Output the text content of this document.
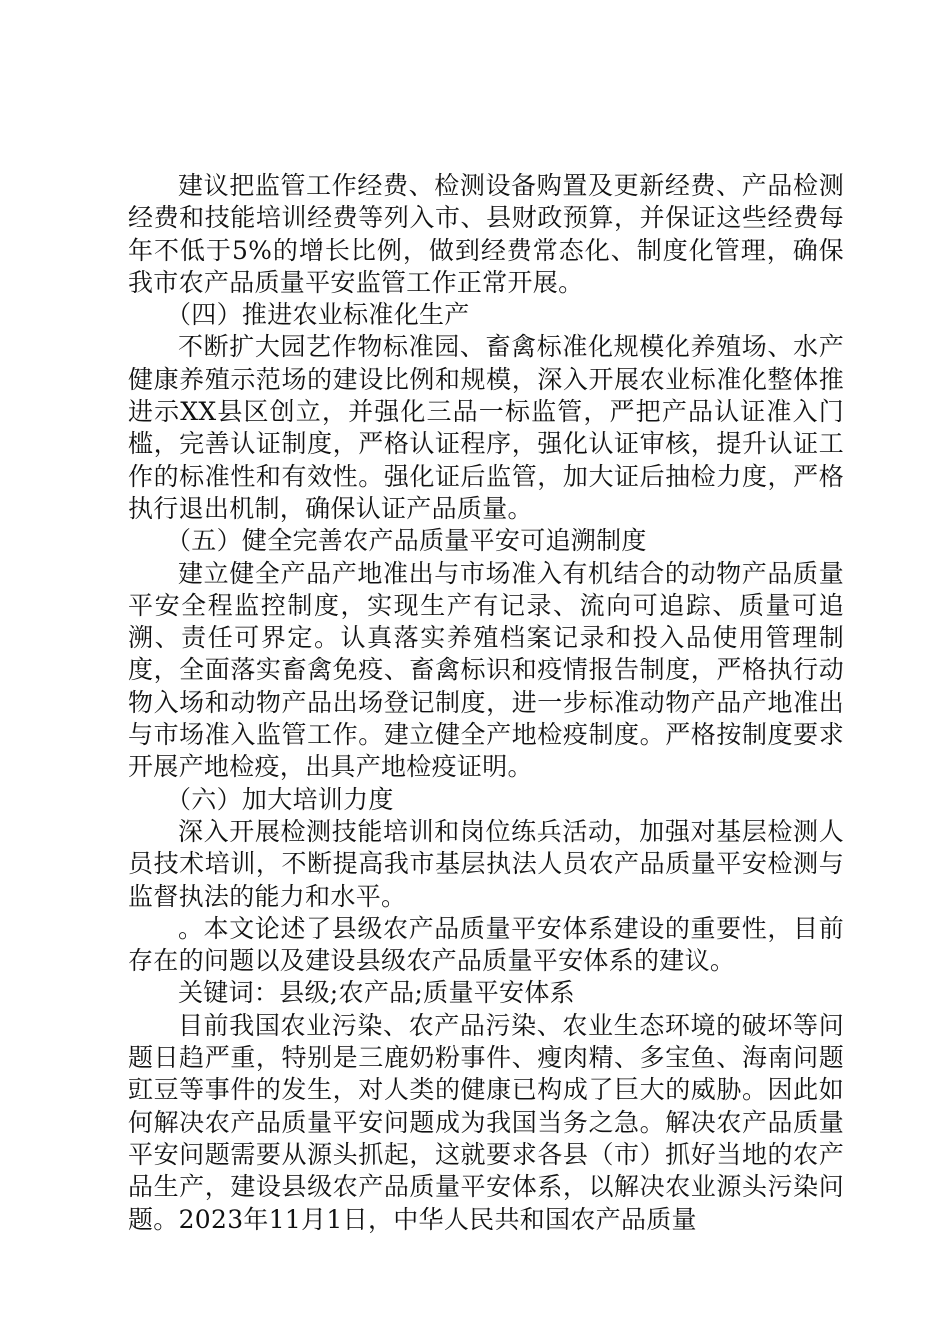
建议把监管工作经费、检测设备购置及更新经费、产品检测经费和技能培训经费等列入市、县财政预算，并保证这些经费每年不低于5%的增长比例，做到经费常态化、制度化管理，确保我市农产品质量平安监管工作正常开展。

（四）推进农业标准化生产

不断扩大园艺作物标准园、畜禽标准化规模化养殖场、水产健康养殖示范场的建设比例和规模，深入开展农业标准化整体推进示XX县区创立，并强化三品一标监管，严把产品认证准入门槛，完善认证制度，严格认证程序，强化认证审核，提升认证工作的标准性和有效性。强化证后监管，加大证后抽检力度，严格执行退出机制，确保认证产品质量。

（五）健全完善农产品质量平安可追溯制度

建立健全产品产地准出与市场准入有机结合的动物产品质量平安全程监控制度，实现生产有记录、流向可追踪、质量可追溯、责任可界定。认真落实养殖档案记录和投入品使用管理制度，全面落实畜禽免疫、畜禽标识和疫情报告制度，严格执行动物入场和动物产品出场登记制度，进一步标准动物产品产地准出与市场准入监管工作。建立健全产地检疫制度。严格按制度要求开展产地检疫，出具产地检疫证明。

（六）加大培训力度

深入开展检测技能培训和岗位练兵活动，加强对基层检测人员技术培训，不断提高我市基层执法人员农产品质量平安检测与监督执法的能力和水平。

。本文论述了县级农产品质量平安体系建设的重要性，目前存在的问题以及建设县级农产品质量平安体系的建议。

关键词：县级;农产品;质量平安体系

目前我国农业污染、农产品污染、农业生态环境的破坏等问题日趋严重，特别是三鹿奶粉事件、瘦肉精、多宝鱼、海南问题豇豆等事件的发生，对人类的健康已构成了巨大的威胁。因此如何解决农产品质量平安问题成为我国当务之急。解决农产品质量平安问题需要从源头抓起，这就要求各县（市）抓好当地的农产品生产，建设县级农产品质量平安体系，以解决农业源头污染问题。2023年11月1日，中华人民共和国农产品质量
